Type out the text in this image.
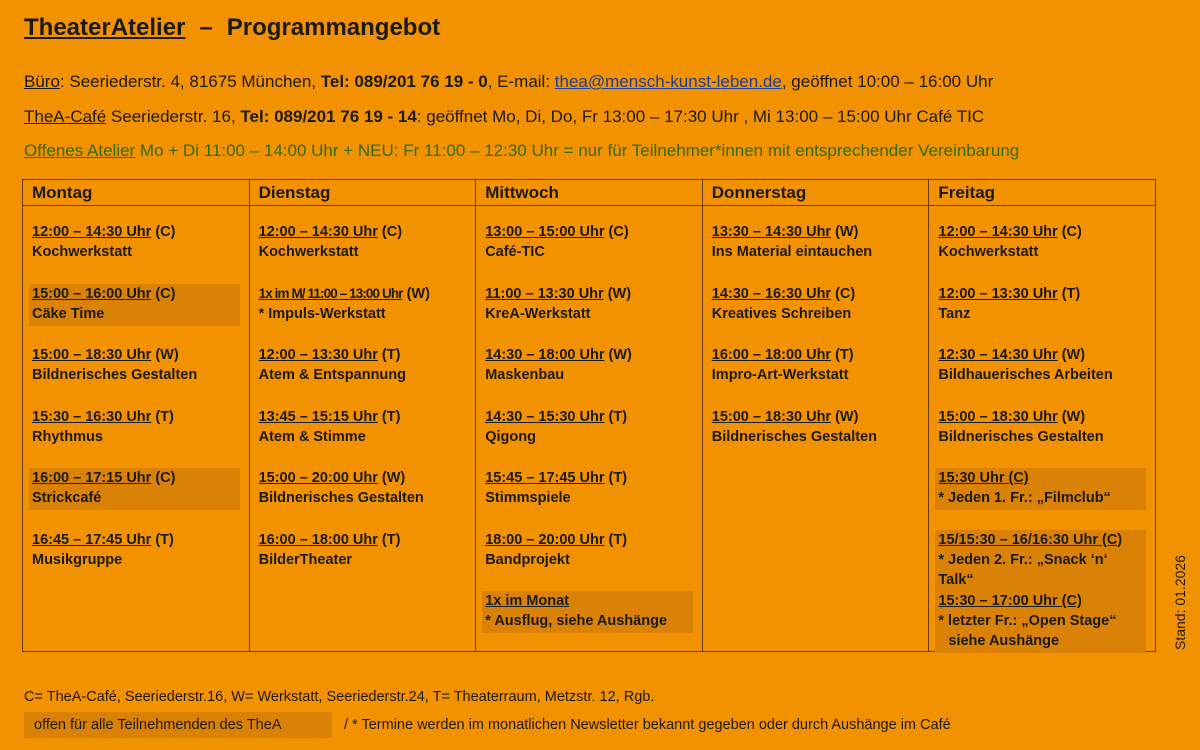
TheaterAtelier – Programmangebot
Büro: Seeriederstr. 4, 81675 München, Tel: 089/201 76 19 - 0, E-mail: thea@mensch-kunst-leben.de, geöffnet 10:00 – 16:00 Uhr
TheA-Café Seeriederstr. 16, Tel: 089/201 76 19 - 14: geöffnet Mo, Di, Do, Fr 13:00 – 17:30 Uhr , Mi 13:00 – 15:00 Uhr Café TIC
Offenes Atelier Mo + Di 11:00 – 14:00 Uhr + NEU: Fr 11:00 – 12:30 Uhr = nur für Teilnehmer*innen mit entsprechender Vereinbarung
Montag
12:00 – 14:30 Uhr (C)
Kochwerkstatt
15:00 – 16:00 Uhr (C)
Cäke Time
15:00 – 18:30 Uhr (W)
Bildnerisches Gestalten
15:30 – 16:30 Uhr (T)
Rhythmus
16:00 – 17:15 Uhr (C)
Strickcafé
16:45 – 17:45 Uhr (T)
Musikgruppe
Dienstag
12:00 – 14:30 Uhr (C)
Kochwerkstatt
1x im M/ 11:00 – 13:00 Uhr (W)
* Impuls-Werkstatt
12:00 – 13:30 Uhr (T)
Atem & Entspannung
13:45 – 15:15 Uhr (T)
Atem & Stimme
15:00 – 20:00 Uhr (W)
Bildnerisches Gestalten
16:00 – 18:00 Uhr (T)
BilderTheater
Mittwoch
13:00 – 15:00 Uhr (C)
Café-TIC
11:00 – 13:30 Uhr (W)
KreA-Werkstatt
14:30 – 18:00 Uhr (W)
Maskenbau
14:30 – 15:30 Uhr (T)
Qigong
15:45 – 17:45 Uhr (T)
Stimmspiele
18:00 – 20:00 Uhr (T)
Bandprojekt
1x im Monat
* Ausflug, siehe Aushänge
Donnerstag
13:30 – 14:30 Uhr (W)
Ins Material eintauchen
14:30 – 16:30 Uhr (C)
Kreatives Schreiben
16:00 – 18:00 Uhr (T)
Impro-Art-Werkstatt
15:00 – 18:30 Uhr (W)
Bildnerisches Gestalten
Freitag
12:00 – 14:30 Uhr (C)
Kochwerkstatt
12:00 – 13:30 Uhr (T)
Tanz
12:30 – 14:30 Uhr (W)
Bildhauerisches Arbeiten
15:00 – 18:30 Uhr (W)
Bildnerisches Gestalten
15:30 Uhr (C)
* Jeden 1. Fr.: „Filmclub“
15/15:30 – 16/16:30 Uhr (C)
* Jeden 2. Fr.: „Snack ‘n‘ Talk“
15:30 – 17:00 Uhr (C)
* letzter Fr.: „Open Stage“
siehe Aushänge	Stand: 01.2026
C= TheA-Café, Seeriederstr.16, W= Werkstatt, Seeriederstr.24, T= Theaterraum, Metzstr. 12, Rgb.
offen für alle Teilnehmenden des TheA	/ * Termine werden im monatlichen Newsletter bekannt gegeben oder durch Aushänge im Café
